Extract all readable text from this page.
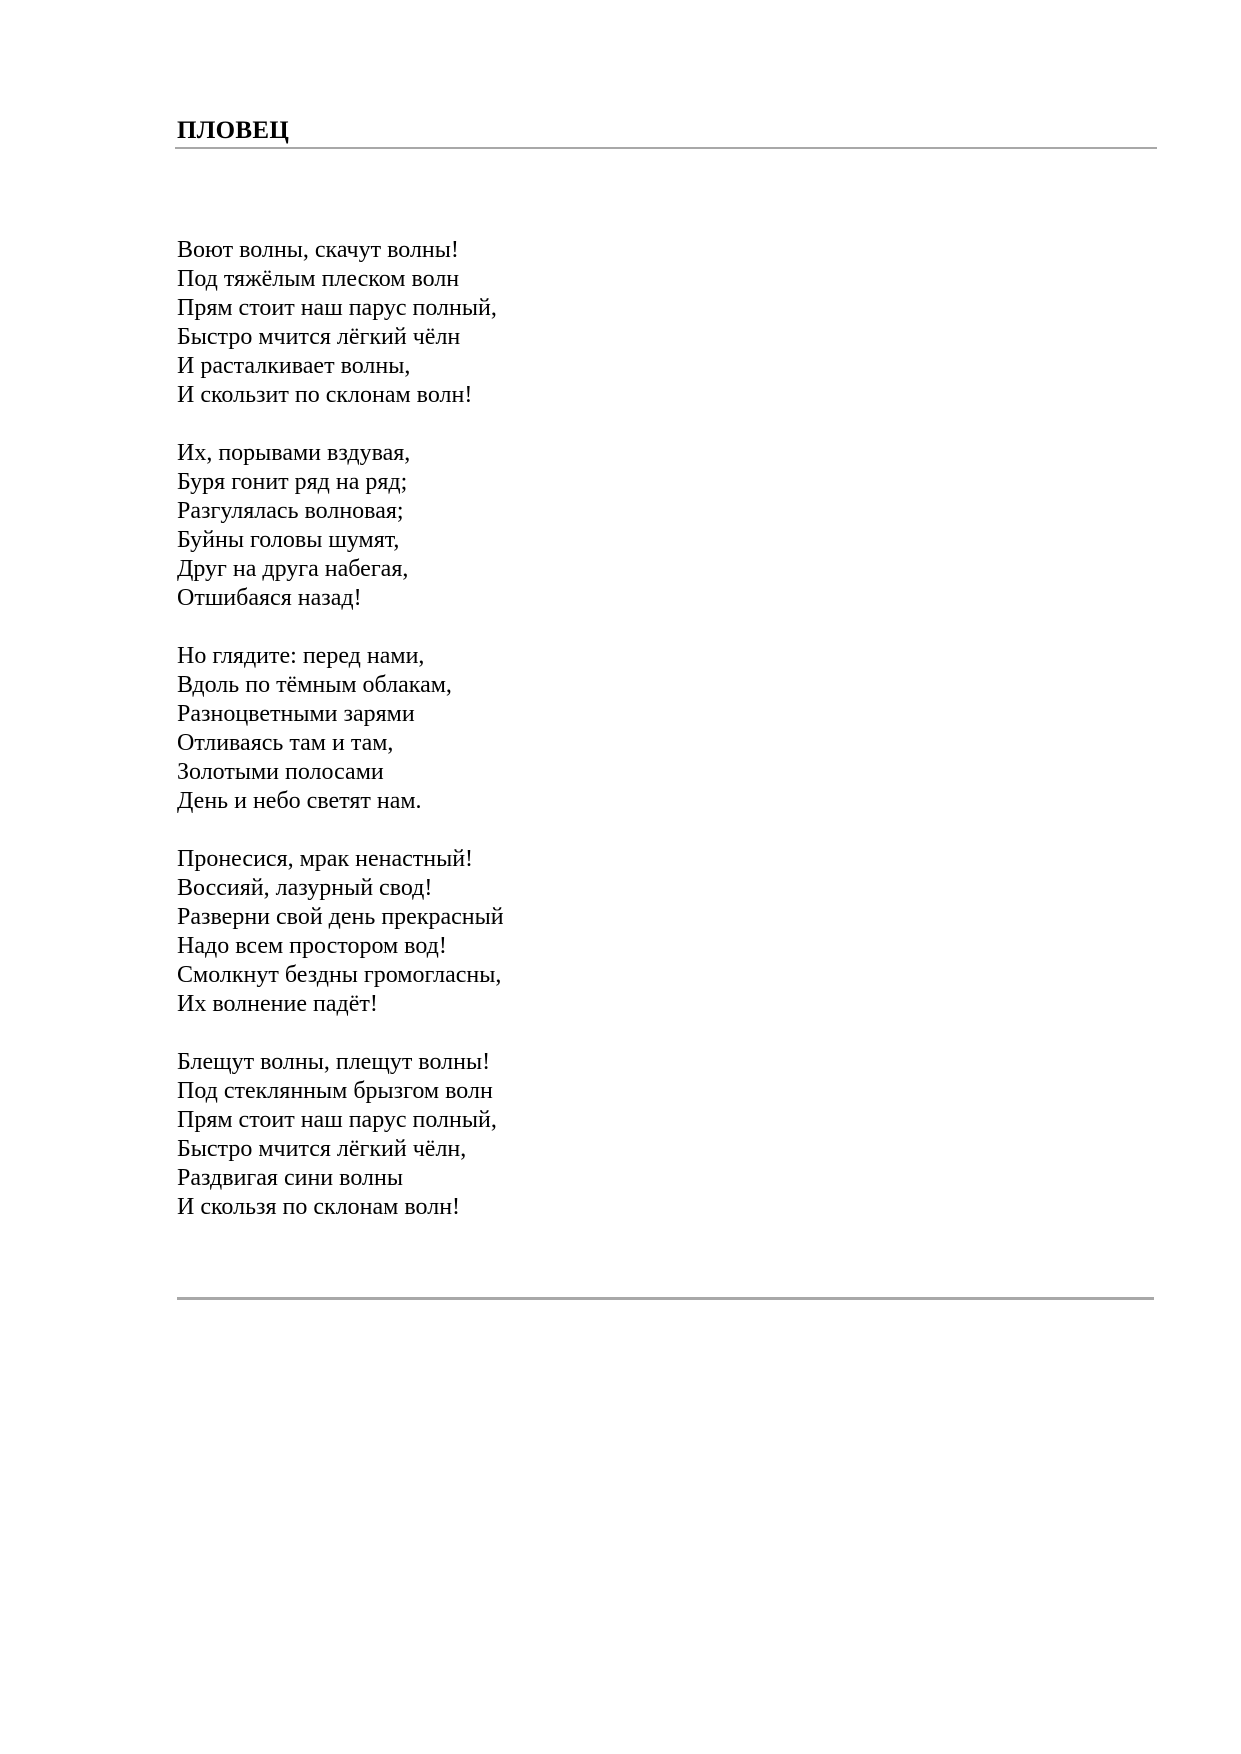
ПЛОВЕЦ
Воют волны, скачут волны!
Под тяжёлым плеском волн
Прям стоит наш парус полный,
Быстро мчится лёгкий чёлн
И расталкивает волны,
И скользит по склонам волн!
Их, порывами вздувая,
Буря гонит ряд на ряд;
Разгулялась волновая;
Буйны головы шумят,
Друг на друга набегая,
Отшибаяся назад!
Но глядите: перед нами,
Вдоль по тёмным облакам,
Разноцветными зарями
Отливаясь там и там,
Золотыми полосами
День и небо светят нам.
Пронесися, мрак ненастный!
Воссияй, лазурный свод!
Разверни свой день прекрасный
Надо всем простором вод!
Смолкнут бездны громогласны,
Их волнение падёт!
Блещут волны, плещут волны!
Под стеклянным брызгом волн
Прям стоит наш парус полный,
Быстро мчится лёгкий чёлн,
Раздвигая сини волны
И скользя по склонам волн!
